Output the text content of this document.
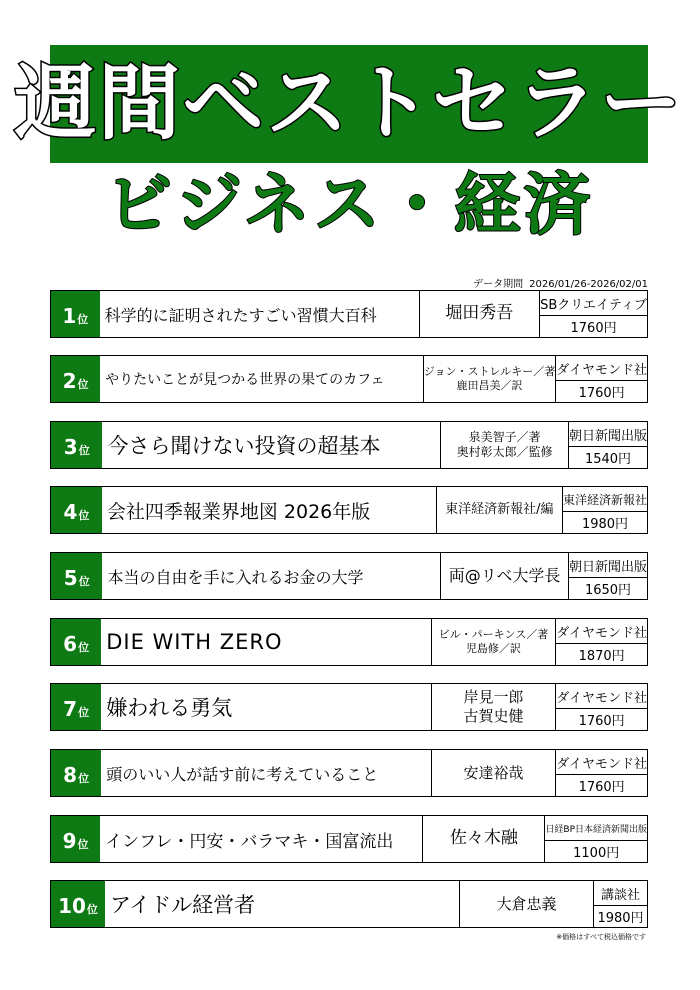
週間ベストセラー
ビジネス・経済
データ期間 2026/01/26-2026/02/01
1 位	科学的に証明されたすごい習慣大百科	堀田秀吾 SBクリエイティブ
1760円
2 位	やりたいことが見つかる世界の果てのカフェ
ジョン・ストレルキー／著
鹿田昌美／訳
ダイヤモンド社
1760円
3 位 今さら聞けない投資の超基本	泉美智子／著
奥村彰太郎／監修
朝日新聞出版
1540円
4 位 会社四季報業界地図 2026年版	東洋経済新報社/編
東洋経済新報社
1980円
5 位	本当の自由を手に入れるお金の大学	両@リベ大学長 朝日新聞出版
1650円
6 位 DIE WITH ZERO	ビル・パーキンス／著
児島修／訳
ダイヤモンド社
1870円
7 位 嫌われる勇気	岸見一郎
古賀史健
ダイヤモンド社
1760円
8 位	頭のいい人が話す前に考えていること	安達裕哉	ダイヤモンド社
1760円
9 位 インフレ・円安・バラマキ・国富流出	佐々木融	日経BP日本経済新聞出版
1100円
10 位 アイドル経営者	大倉忠義	講談社
1980円
※価格はすべて税込価格です
